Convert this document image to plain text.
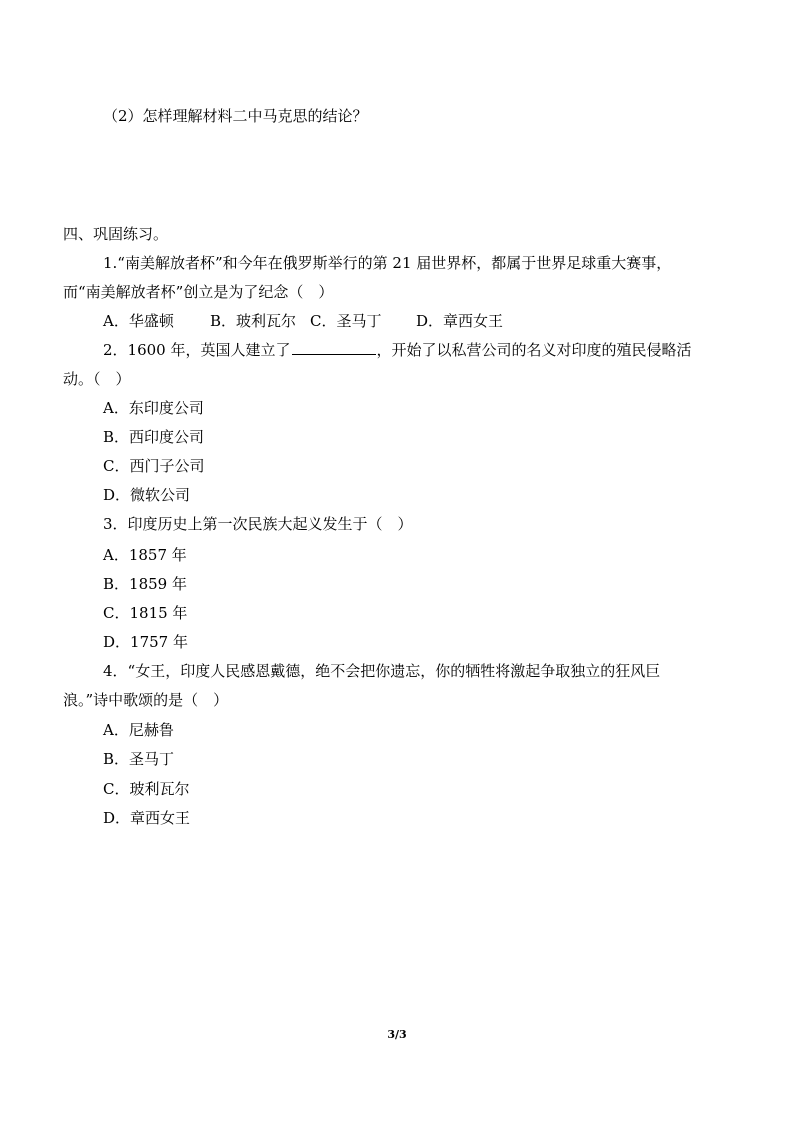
（2）怎样理解材料二中马克思的结论？
四、巩固练习。
1.“南美解放者杯”和今年在俄罗斯举行的第 21 届世界杯，都属于世界足球重大赛事，
而“南美解放者杯”创立是为了纪念（　）
A．华盛顿 B．玻利瓦尔 C．圣马丁 D．章西女王
2．1600 年，英国人建立了	，开始了以私营公司的名义对印度的殖民侵略活
动。（　）
A．东印度公司
B．西印度公司
C．西门子公司
D．微软公司
3．印度历史上第一次民族大起义发生于（　）
A．1857 年
B．1859 年
C．1815 年
D．1757 年
4．“女王，印度人民感恩戴德，绝不会把你遗忘，你的牺牲将激起争取独立的狂风巨
浪。”诗中歌颂的是（　）
A．尼赫鲁
B．圣马丁
C．玻利瓦尔
D．章西女王
3/3
